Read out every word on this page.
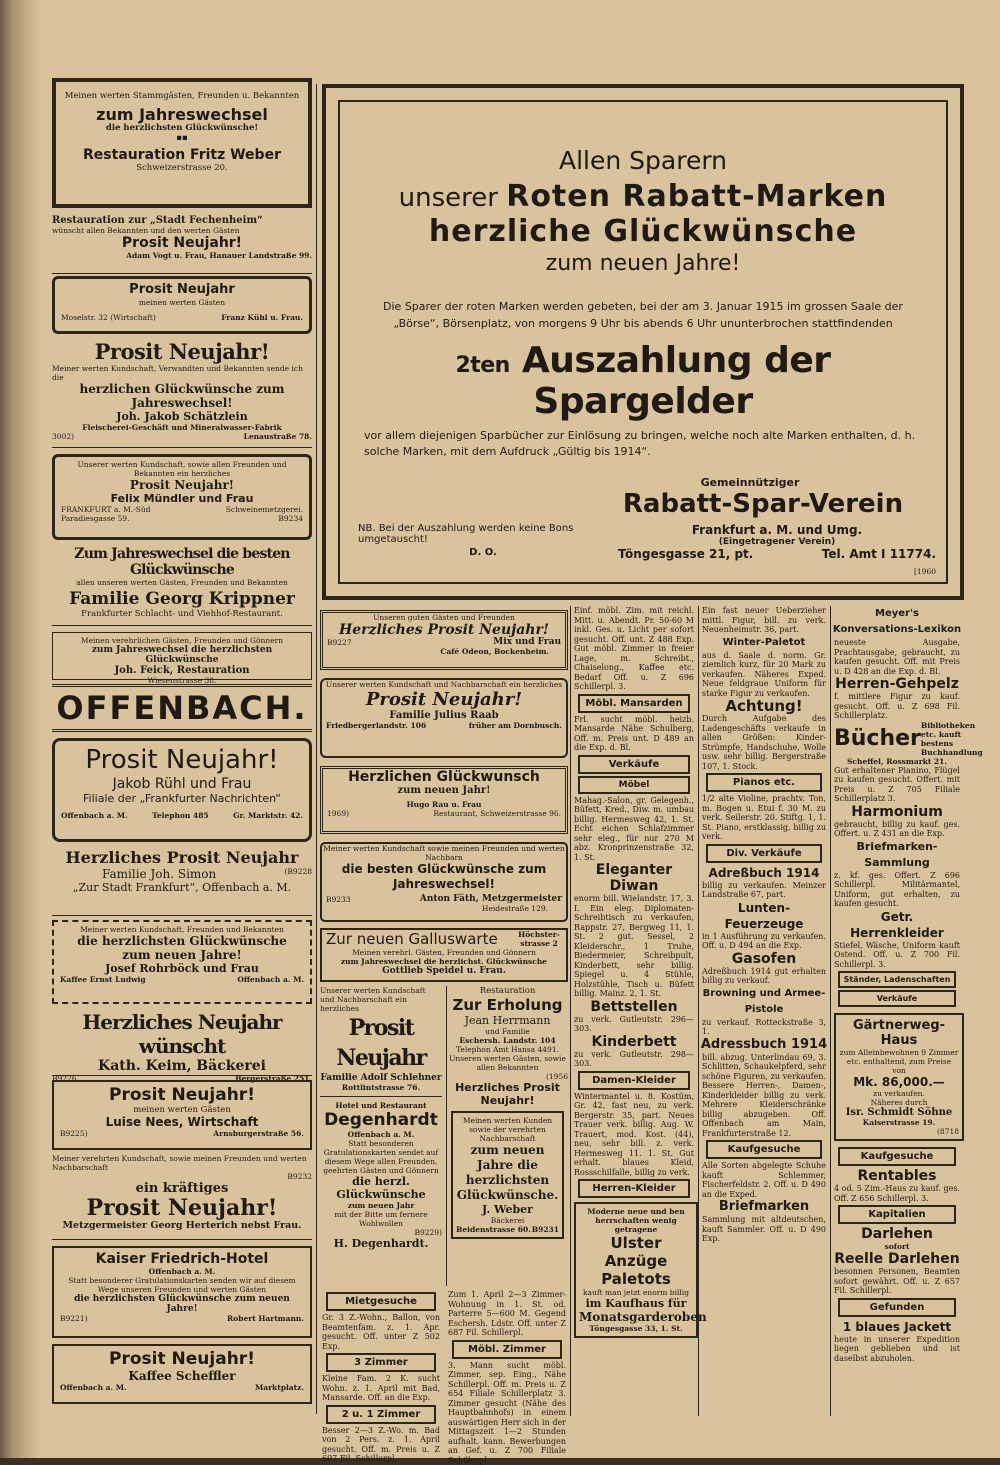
Meinen werten Stammgästen, Freunden u. Bekannten
zum Jahreswechsel
die herzlichsten Glückwünsche!
▪▪
Restauration Fritz Weber
Schweizerstrasse 20.
Restauration zur „Stadt Fechenheim“
wünscht allen Bekannten und den werten Gästen
Prosit Neujahr!
Adam Vogt u. Frau, Hanauer Landstraße 99.
Prosit Neujahr
meinen werten Gästen
Moselstr. 32 (Wirtschaft)	Franz Kühl u. Frau.
Prosit Neujahr!
Meiner werten Kundschaft, Verwandten und Bekannten sende ich die
herzlichen Glückwünsche zum Jahreswechsel!
Joh. Jakob Schätzlein
Fleischerei-Geschäft und Mineralwasser-Fabrik
3002)	Lenaustraße 78.
Unserer werten Kundschaft, sowie allen Freunden und Bekannten ein herzliches
Prosit Neujahr!
Felix Mündler und Frau
FRANKFURT a. M.-Süd	Schweinemetzgerei.
Paradiesgasse 59.	B9234
Zum Jahreswechsel die besten Glückwünsche
allen unseren werten Gästen, Freunden und Bekannten
Familie Georg Krippner
Frankfurter Schlacht- und Viehhof-Restaurant.
Meinen verehrlichen Gästen, Freunden und Gönnern
zum Jahreswechsel die herzlichsten Glückwünsche
Joh. Feick, Restauration
Wiesenstrasse 38.
OFFENBACH.
Prosit Neujahr!
Jakob Rühl und Frau
Filiale der „Frankfurter Nachrichten“
Offenbach a. M.	Telephon 485	Gr. Marktstr. 42.
Herzliches Prosit Neujahr
Familie Joh. Simon	(B9228
„Zur Stadt Frankfurt“, Offenbach a. M.
Meiner werten Kundschaft, Freunden und Bekannten
die herzlichsten Glückwünsche
zum neuen Jahre!
Josef Rohrböck und Frau
Kaffee Ernst Ludwig	Offenbach a. M.
Herzliches Neujahr wünscht
Kath. Keim, Bäckerei
B9226	Bergerstraße 251.
Prosit Neujahr!
meinen werten Gästen
Luise Nees, Wirtschaft
B9225)	Arnsburgerstraße 56.
Meiner verehrten Kundschaft, sowie meinen Freunden und werten Nachbarschaft
B9232
ein kräftiges
Prosit Neujahr!
Metzgermeister Georg Herterich nebst Frau.
Kaiser Friedrich-Hotel
Offenbach a. M.
Statt besonderer Gratulationskarten senden wir auf diesem Wege unseren Freunden und werten Gästen
die herzlichsten Glückwünsche zum neuen Jahre!
B9221)	Robert Hartmann.
Prosit Neujahr!
Kaffee Scheffler
Offenbach a. M.	Marktplatz.
Allen Sparern
unserer Roten Rabatt-Marken
herzliche Glückwünsche
zum neuen Jahre!
Die Sparer der roten Marken werden gebeten, bei der am 3. Januar 1915 im grossen Saale der „Börse“, Börsenplatz, von morgens 9 Uhr bis abends 6 Uhr ununterbrochen stattfindenden
2ten Auszahlung der Spargelder
vor allem diejenigen Sparbücher zur Einlösung zu bringen, welche noch alte Marken enthalten, d. h. solche Marken, mit dem Aufdruck „Gültig bis 1914“.
Gemeinnütziger
Rabatt-Spar-Verein
NB. Bei der Auszahlung werden keine Bons umgetauscht!
D. O.
Frankfurt a. M. und Umg.
(Eingetragener Verein)
Töngesgasse 21, pt.	Tel. Amt I 11774.
[1960
Unseren guten Gästen und Freunden
Herzliches Prosit Neujahr!
B9227	Mix und Frau
Café Odeon, Bockenheim.
Unserer werten Kundschaft und Nachbarschaft ein herzliches
Prosit Neujahr!
Familie Julius Raab
Friedbergerlandstr. 106	früher am Dornbusch.
Herzlichen Glückwunsch
zum neuen Jahr!
Hugo Rau u. Frau
1969)	Restaurant, Schweizerstrasse 96.
Meiner werten Kundschaft sowie meinen Freunden und werten Nachbarn
die besten Glückwünsche zum Jahreswechsel!
B9233	Anton Fäth, Metzgermeister
Heidestraße 129.
Zur neuen Galluswarte	Höchster-strasse 2
Meinen verehrl. Gästen, Freunden und Gönnern
zum Jahreswechsel die herzlichst. Glückwünsche
Gottlieb Speidel u. Frau.
Unserer werten Kundschaft und Nachbarschaft ein herzliches
Prosit Neujahr
Familie Adolf Schlehner
Rottlintstrasse 76.
Hotel und Restaurant
Degenhardt
Offenbach a. M.
Statt besonderen Gratulationskarten sendet auf diesem Wege allen Freunden, geehrten Gästen und Gönnern
die herzl. Glückwünsche
zum neuen Jahr
mit der Bitte um fernere Wohlwollen
B9229)
H. Degenhardt.
Restauration
Zur Erholung
Jean Herrmann
und Familie
Eschersh. Landstr. 104
Telephon Amt Hansa 4491.
Unseren werten Gästen, sowie allen Bekannten
(1956
Herzliches Prosit Neujahr!
Meinen werten Kunden sowie der verehrten Nachbarschaft
zum neuen Jahre die herzlichsten Glückwünsche.
J. Weber
Bäckerei
Beidenstrasse 60. B9231
Mietgesuche
Gr. 3 Z.-Wohn., Ballon, von Beamtenfam. z. 1. Apr. gesucht. Off. unter Z 502 Exp.
3 Zimmer
Kleine Fam. 2 K. sucht Wohn. z. 1. April mit Bad, Mansarde. Off. an die Exp.
2 u. 1 Zimmer
Besser 2—3 Z.-Wo. m. Bad von 2 Pers. z. 1. April gesucht. Off. m. Preis u. Z 697 Fil. Schillerpl.
Zum 1. April 2—3 Zimmer-Wohnung in 1. St. od. Parterre 5—600 M. Gegend Eschersh. Ldstr. Off. unter Z 687 Fil. Schillerpl.
Möbl. Zimmer
3. Mann sucht möbl. Zimmer, sep. Eing., Nähe Schillerpl. Off. m. Preis u. Z 654 Filiale Schillerplatz 3. Zimmer gesucht (Nähe des Hauptbahnhofs) in einem auswärtigen Herr sich in der Mittagszeit 1—2 Stunden aufhalt. kann. Bewerbungen an Gef. u. Z 700 Filiale Schillerpl.
Einf. möbl. Zim. mit reichl. Mitt. u. Abendt. Pr. 50-60 M inkl. Ges. u. Licht per sofort gesucht. Off. unt. Z 488 Exp. Gut möbl. Zimmer in freier Lage, m. Schreibt., Chaiselong., Kaffee etc. Bedarf Off. u. Z 696 Schillerpl. 3.
Möbl. Mansarden
Frl. sucht möbl. heizb. Mansarde Nähe Schulberg, Off. m. Preis unt. D 489 an die Exp. d. Bl.
Verkäufe
Möbel
Mahag.-Salon, gr. Gelegenh., Büfett, Kred., Diw. m. umbau billig. Hermesweg 42, 1. St. Echt eichen Schlafzimmer sehr eleg., für nur 270 M abz. Kronprinzenstraße 32, 1. St.
Eleganter Diwan
enorm bill. Wielandstr. 17, 3. I. Ein eleg. Diplomaten-Schreibtisch zu verkaufen, Rappstr. 27, Bergweg 11, 1. St. 2 gut. Sessel, 2 Kleiderschr., 1 Truhe, Biedermeier, Schreibpult, Kinderbett, sehr billig. Spiegel u. 4 Stühle, Holzstühle, Tisch u. Büfett billig. Mainz. 2, 1. St.
Bettstellen
zu verk. Gutleutstr. 296—303.
Kinderbett
zu verk. Gutleutstr. 298—303.
Damen-Kleider
Wintermantel u. 8. Kostüm, Gr. 42, fast neu, zu verk. Bergerstr. 35, part. Neues Trauer verk. billig. Aug. W. Trauert, mod. Kost. (44), neu, sehr bill. z. verk. Hermesweg 11. 1. St. Gut erhalt. blaues Kleid, Rossschilfalle, billig zu verk.
Herren-Kleider
Moderne neue und ben herrschaften wenig getragene
Ulster
Anzüge
Paletots
kauft man jetzt enorm billig
im Kaufhaus für
Monatsgarderoben
Töngesgasse 33, 1. St.
Ein fast neuer Ueberzieher mittl. Figur, bill. zu verk. Neuenheimstr. 36, part.
Winter-Paletot
aus d. Saale d. norm. Gr. ziemlich kurz, für 20 Mark zu verkaufen. Näheres Exped. Neue feldgraue Uniform für starke Figur zu verkaufen.
Achtung!
Durch Aufgabe des Ladengeschäfts verkaufe in allen Größen: Kinder-Strümpfe, Handschuhe, Wolle usw. sehr billig. Bergerstraße 107, 1. Stock.
Pianos etc.
1/2 alte Violine, prachtv. Ton, m. Bogen u. Etui f. 30 M. zu verk. Seilerstr. 20. Stiftg. 1, 1. St. Piano, erstklassig, billig zu verk.
Div. Verkäufe
Adreßbuch 1914
billig zu verkaufen. Meinzer Landstraße 67, part.
Lunten-Feuerzeuge
in 1 Ausführung zu verkaufen. Off. u. D 494 an die Exp.
Gasofen
Adreßbuch 1914 gut erhalten billig zu verkauf.
Browning und Armee-Pistole
zu verkauf. Rotteckstraße 3, 1.
Adressbuch 1914
bill. abzug. Unterlindau 69, 3. Schlitten, Schaukelpferd, sehr schöne Figuren, zu verkaufen. Bessere Herren-, Damen-, Kinderkleider billig zu verk. Mehrere Kleiderschränke billig abzugeben. Off. Offenbach am Main, Frankfurterstraße 12.
Kaufgesuche
Alle Sorten abgelegte Schuhe kauft Schlemmer, Fischerfeldstr. 2. Off. u. D 490 an die Exped.
Briefmarken
Sammlung mit altdeutschen, kauft Sammler. Off. u. D 490 Exp.
Meyer's Konversations-Lexikon
neueste Ausgabe, Prachtausgabe, gebraucht, zu kaufen gesucht. Off. mit Preis u. D 428 an die Exp. d. Bl.
Herren-Gehpelz
f. mittlere Figur zu kauf. gesucht. Off. u. Z 698 Fil. Schillerplatz.
Bücher
Bibliotheken etc. kauft bestens Buchhandlung
Scheffel, Rossmarkt 21.
Gut erhaltener Pianino, Flügel zu kaufen gesucht. Offert. mit Preis u. Z 705 Filiale Schillerplatz 3.
Harmonium
gebraucht, billig zu kauf. ges. Offert. u. Z 431 an die Exp.
Briefmarken-Sammlung
z. kf. ges. Offert. Z 696 Schillerpl. Militärmantel, Uniform, gut erhalten, zu kaufen gesucht.
Getr. Herrenkleider
Stiefel, Wäsche, Uniform kauft Ostend. Off. u. Z 700 Fil. Schillerpl. 3.
Ständer, Ladenschaften
Verkäufe
Gärtnerweg-
Haus
zum Alleinbewohnen 9 Zimmer etc. enthaltend, zum Preise von
Mk. 86,000.—
zu verkaufen.
Näheres durch
Isr. Schmidt Söhne
Kaiserstrasse 19.
(8718
Kaufgesuche
Rentables
4 od. 5 Zim.-Haus zu kauf. ges. Off. Z 656 Schillerpl. 3.
Kapitalien
Darlehen
sofort
Reelle Darlehen
besonnen Personen, Beamten sofort gewährt. Off. u. Z 657 Fil. Schillerpl.
Gefunden
1 blaues Jackett
heute in unserer Expedition liegen geblieben und ist daselbst abzuholen.
